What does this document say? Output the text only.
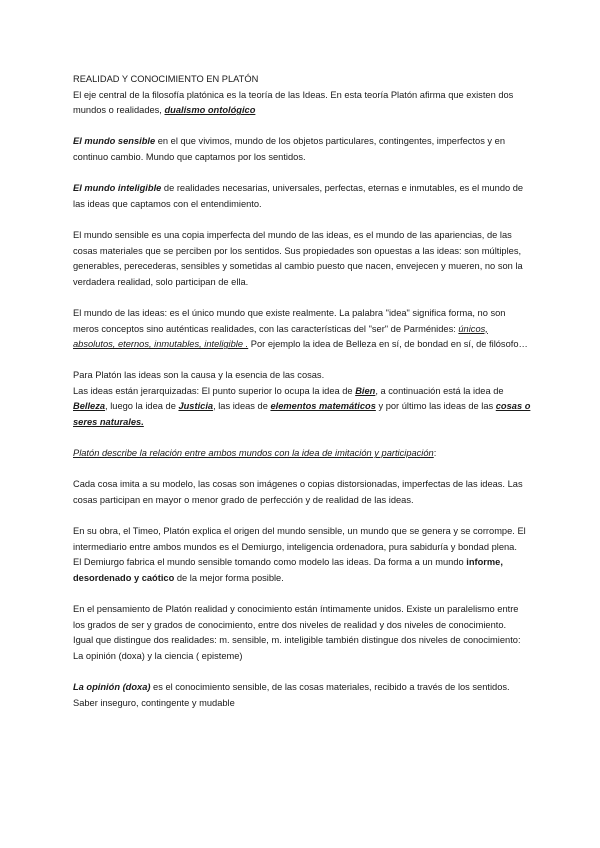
REALIDAD Y CONOCIMIENTO EN PLATÓN

El eje central de la filosofía platónica es la teoría de las Ideas. En esta teoría Platón afirma que existen dos mundos o realidades, dualismo ontológico

El mundo sensible en el que vivimos, mundo de los objetos particulares, contingentes, imperfectos y en continuo cambio. Mundo que captamos por los sentidos.

El mundo inteligible de realidades necesarias, universales, perfectas, eternas e inmutables, es el mundo de las ideas que captamos con el entendimiento.

El mundo sensible es una copia imperfecta del mundo de las ideas, es el mundo de las apariencias, de las cosas materiales que se perciben por los sentidos. Sus propiedades son opuestas a las ideas: son múltiples, generables, perecederas, sensibles y sometidas al cambio puesto que nacen, envejecen y mueren, no son la verdadera realidad, solo participan de ella.

El mundo de las ideas: es el único mundo que existe realmente. La palabra "idea" significa forma, no son meros conceptos sino auténticas realidades, con las características del "ser" de Parménides: únicos, absolutos, eternos, inmutables, inteligible . Por ejemplo la idea de Belleza en sí, de bondad en sí, de filósofo…

Para Platón las ideas son la causa y la esencia de las cosas.

Las ideas están jerarquizadas: El punto superior lo ocupa la idea de Bien, a continuación está la idea de Belleza, luego la idea de Justicia, las ideas de elementos matemáticos y por último las ideas de las cosas o seres naturales.

Platón describe la relación entre ambos mundos con la idea de imitación y participación:

Cada cosa imita a su modelo, las cosas son imágenes o copias distorsionadas, imperfectas de las ideas. Las cosas participan en mayor o menor grado de perfección y de realidad de las ideas.

En su obra, el Timeo, Platón explica el origen del mundo sensible, un mundo que se genera y se corrompe. El intermediario entre ambos mundos es el Demiurgo, inteligencia ordenadora, pura sabiduría y bondad plena.

El Demiurgo fabrica el mundo sensible tomando como modelo las ideas. Da forma a un mundo informe, desordenado y caótico de la mejor forma posible.

En el pensamiento de Platón realidad y conocimiento están íntimamente unidos. Existe un paralelismo entre los grados de ser y grados de conocimiento, entre dos niveles de realidad y dos niveles de conocimiento.

Igual que distingue dos realidades: m. sensible, m. inteligible también distingue dos niveles de conocimiento: La opinión (doxa) y la ciencia ( episteme)

La opinión (doxa) es el conocimiento sensible, de las cosas materiales, recibido a través de los sentidos. Saber inseguro, contingente y mudable
